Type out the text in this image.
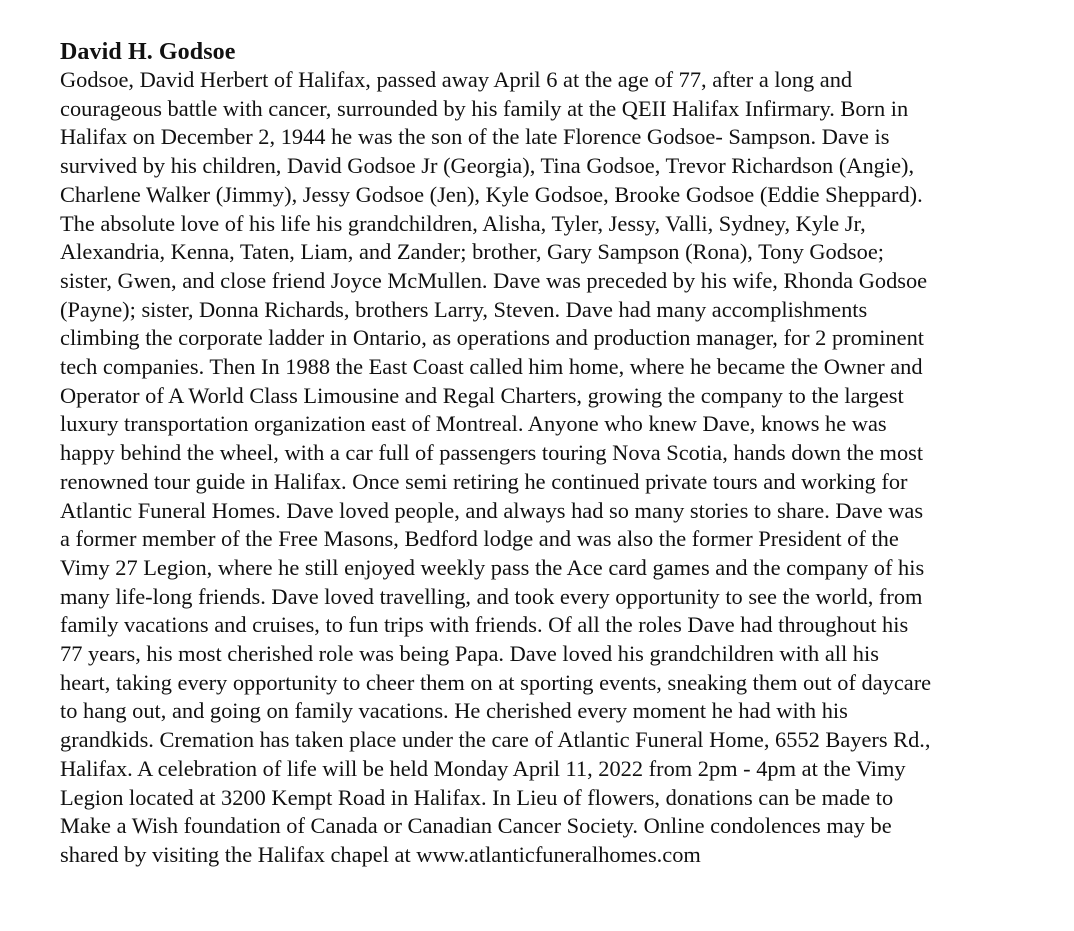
David H. Godsoe

Godsoe, David Herbert of Halifax, passed away April 6 at the age of 77, after a long and
courageous battle with cancer, surrounded by his family at the QEII Halifax Infirmary. Born in
Halifax on December 2, 1944 he was the son of the late Florence Godsoe- Sampson. Dave is
survived by his children, David Godsoe Jr (Georgia), Tina Godsoe, Trevor Richardson (Angie),
Charlene Walker (Jimmy), Jessy Godsoe (Jen), Kyle Godsoe, Brooke Godsoe (Eddie Sheppard).
The absolute love of his life his grandchildren, Alisha, Tyler, Jessy, Valli, Sydney, Kyle Jr,
Alexandria, Kenna, Taten, Liam, and Zander; brother, Gary Sampson (Rona), Tony Godsoe;
sister, Gwen, and close friend Joyce McMullen. Dave was preceded by his wife, Rhonda Godsoe
(Payne); sister, Donna Richards, brothers Larry, Steven. Dave had many accomplishments
climbing the corporate ladder in Ontario, as operations and production manager, for 2 prominent
tech companies. Then In 1988 the East Coast called him home, where he became the Owner and
Operator of A World Class Limousine and Regal Charters, growing the company to the largest
luxury transportation organization east of Montreal. Anyone who knew Dave, knows he was
happy behind the wheel, with a car full of passengers touring Nova Scotia, hands down the most
renowned tour guide in Halifax. Once semi retiring he continued private tours and working for
Atlantic Funeral Homes. Dave loved people, and always had so many stories to share. Dave was
a former member of the Free Masons, Bedford lodge and was also the former President of the
Vimy 27 Legion, where he still enjoyed weekly pass the Ace card games and the company of his
many life-long friends. Dave loved travelling, and took every opportunity to see the world, from
family vacations and cruises, to fun trips with friends. Of all the roles Dave had throughout his
77 years, his most cherished role was being Papa. Dave loved his grandchildren with all his
heart, taking every opportunity to cheer them on at sporting events, sneaking them out of daycare
to hang out, and going on family vacations. He cherished every moment he had with his
grandkids. Cremation has taken place under the care of Atlantic Funeral Home, 6552 Bayers Rd.,
Halifax. A celebration of life will be held Monday April 11, 2022 from 2pm - 4pm at the Vimy
Legion located at 3200 Kempt Road in Halifax. In Lieu of flowers, donations can be made to
Make a Wish foundation of Canada or Canadian Cancer Society. Online condolences may be
shared by visiting the Halifax chapel at www.atlanticfuneralhomes.com
